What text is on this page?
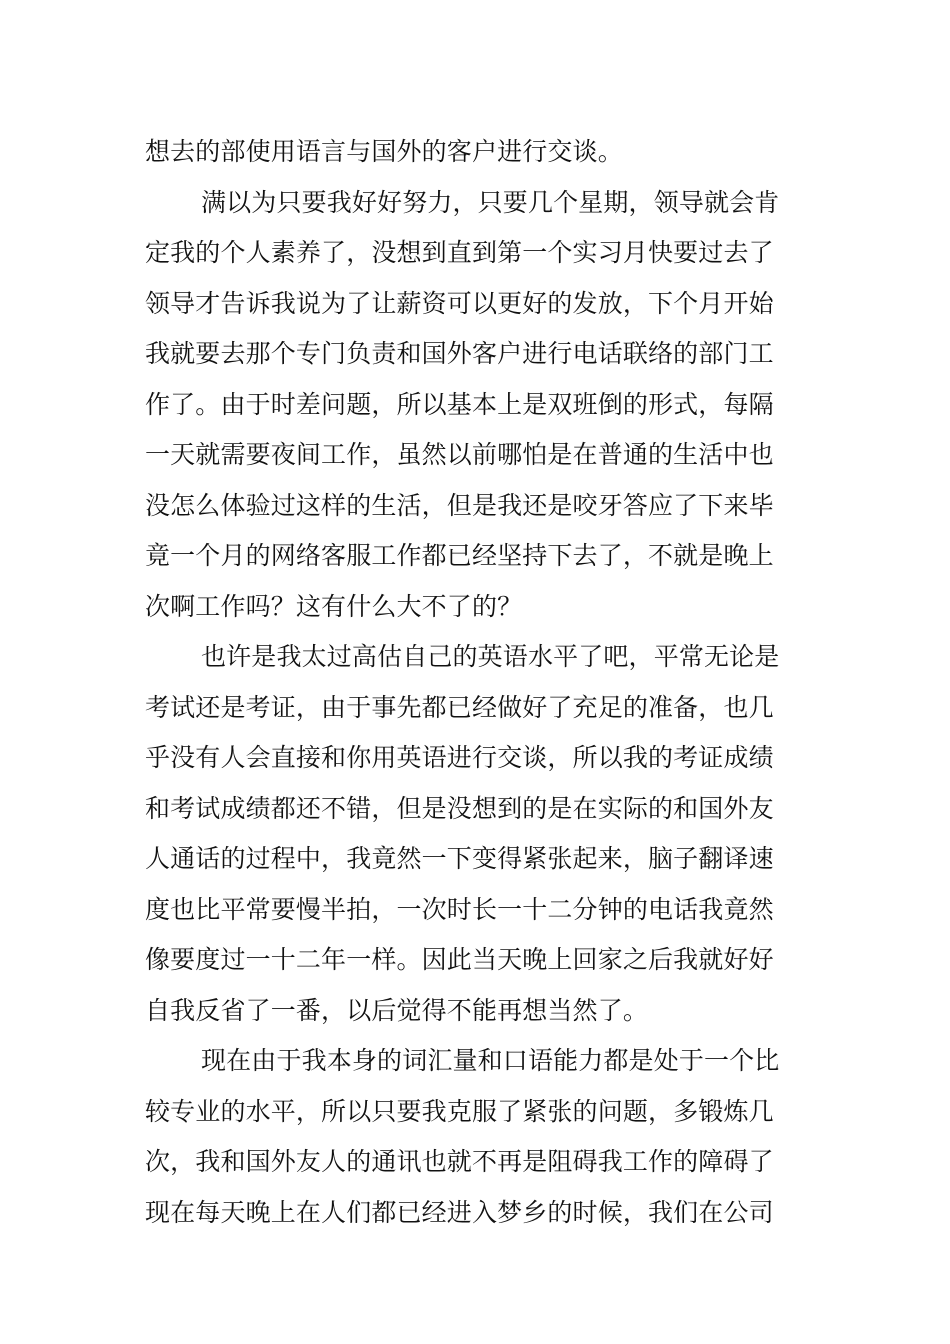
想去的部使用语言与国外的客户进行交谈。
满以为只要我好好努力，只要几个星期，领导就会肯
定我的个人素养了，没想到直到第一个实习月快要过去了
领导才告诉我说为了让薪资可以更好的发放，下个月开始
我就要去那个专门负责和国外客户进行电话联络的部门工
作了。由于时差问题，所以基本上是双班倒的形式，每隔
一天就需要夜间工作，虽然以前哪怕是在普通的生活中也
没怎么体验过这样的生活，但是我还是咬牙答应了下来毕
竟一个月的网络客服工作都已经坚持下去了，不就是晚上
次啊工作吗？这有什么大不了的？
也许是我太过高估自己的英语水平了吧，平常无论是
考试还是考证，由于事先都已经做好了充足的准备，也几
乎没有人会直接和你用英语进行交谈，所以我的考证成绩
和考试成绩都还不错，但是没想到的是在实际的和国外友
人通话的过程中，我竟然一下变得紧张起来，脑子翻译速
度也比平常要慢半拍，一次时长一十二分钟的电话我竟然
像要度过一十二年一样。因此当天晚上回家之后我就好好
自我反省了一番，以后觉得不能再想当然了。
现在由于我本身的词汇量和口语能力都是处于一个比
较专业的水平，所以只要我克服了紧张的问题，多锻炼几
次，我和国外友人的通讯也就不再是阻碍我工作的障碍了
现在每天晚上在人们都已经进入梦乡的时候，我们在公司
